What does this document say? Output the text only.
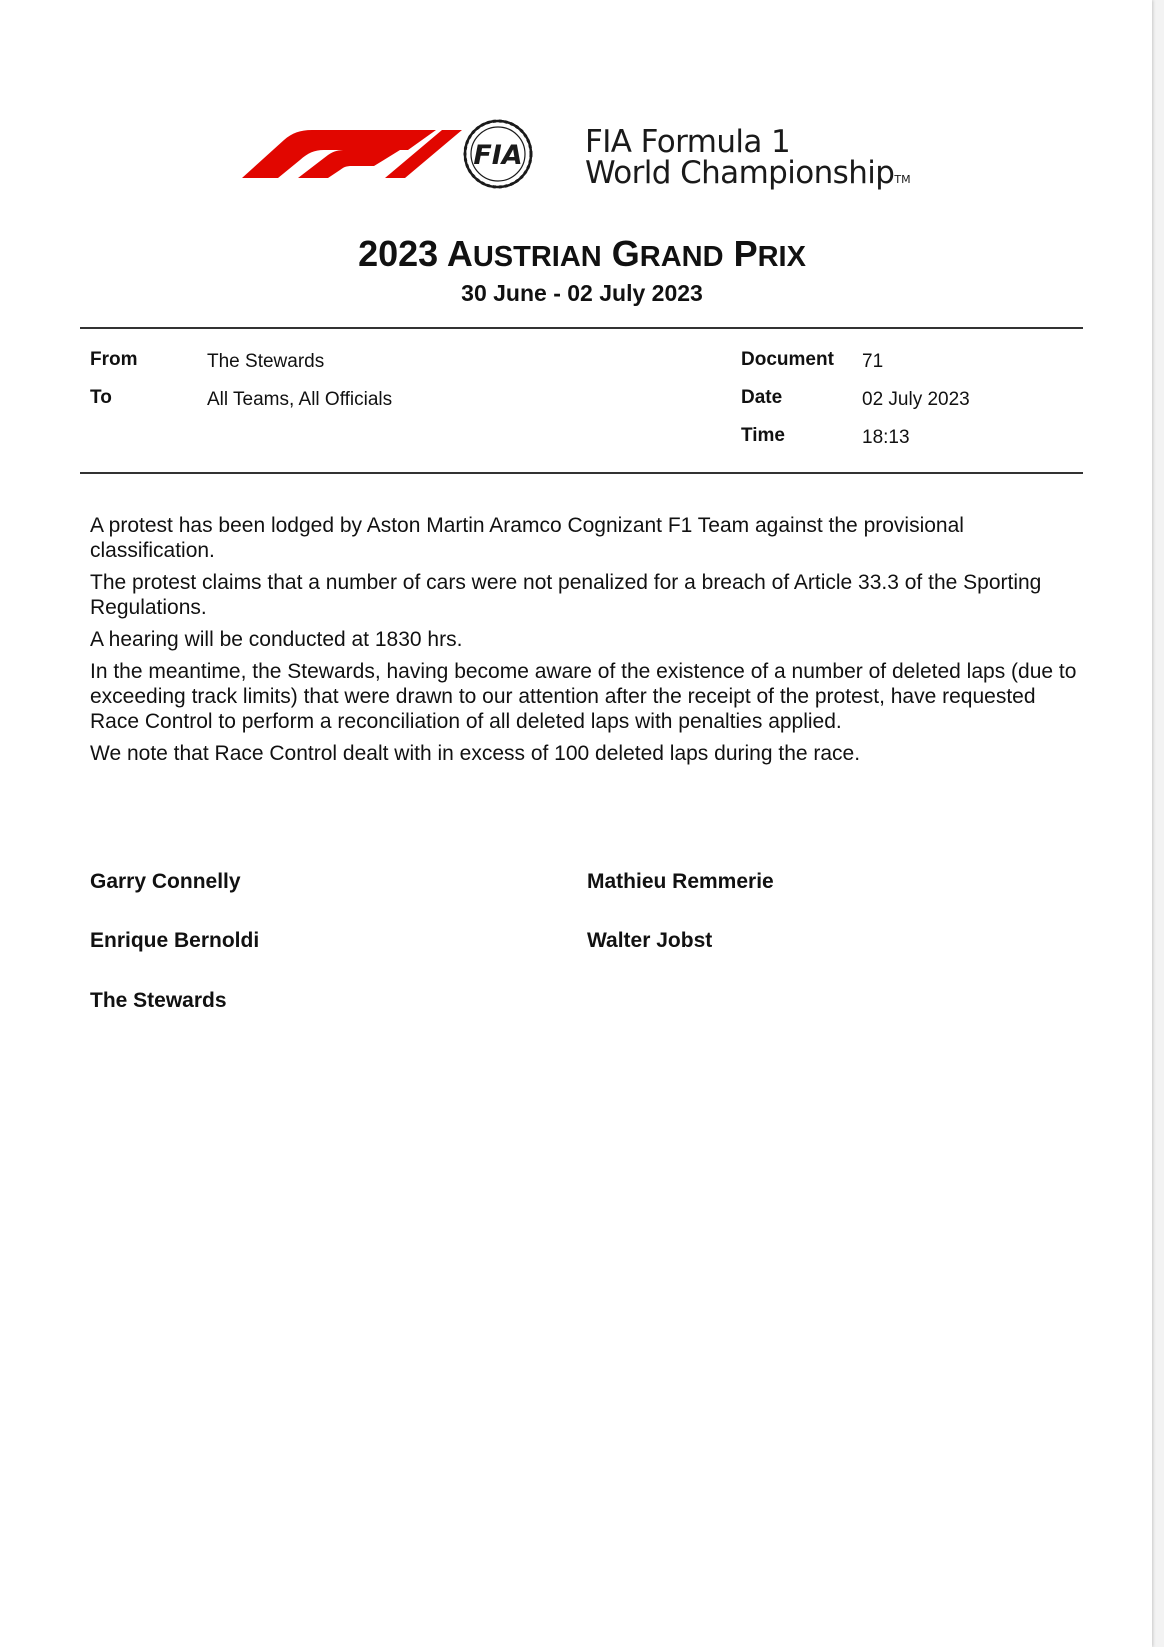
FIA FIA Formula 1
World ChampionshipTM
2023 AUSTRIAN GRAND PRIX
30 June - 02 July 2023
From	The Stewards
To	All Teams, All Officials
Document 71
Date	02 July 2023
Time	18:13

A protest has been lodged by Aston Martin Aramco Cognizant F1 Team against the provisional classification.

The protest claims that a number of cars were not penalized for a breach of Article 33.3 of the Sporting Regulations.

A hearing will be conducted at 1830 hrs.

In the meantime, the Stewards, having become aware of the existence of a number of deleted laps (due to exceeding track limits) that were drawn to our attention after the receipt of the protest, have requested Race Control to perform a reconciliation of all deleted laps with penalties applied.

We note that Race Control dealt with in excess of 100 deleted laps during the race.

Garry Connelly
Enrique Bernoldi
The Stewards
Mathieu Remmerie
Walter Jobst
